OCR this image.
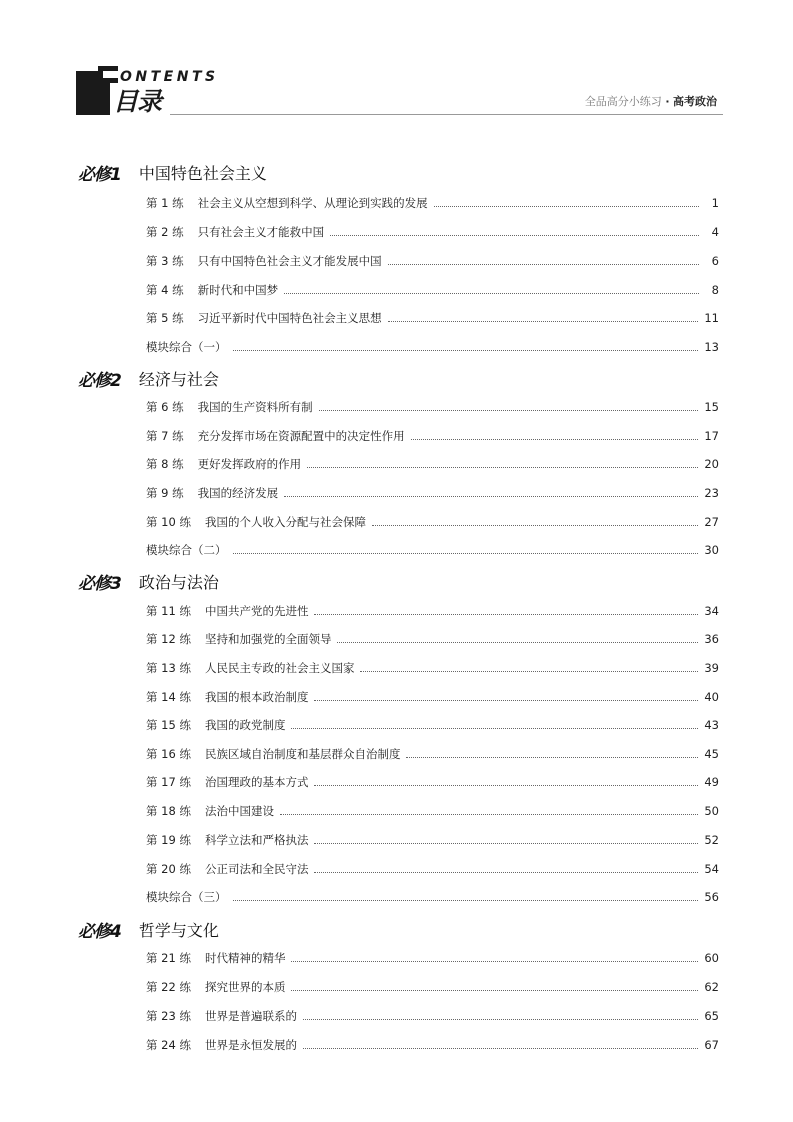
ONTENTS
目录	全品高分小练习 · 高考政治
必修1 中国特色社会主义
第 1 练 社会主义从空想到科学、从理论到实践的发展	1
第 2 练 只有社会主义才能救中国	4
第 3 练 只有中国特色社会主义才能发展中国	6
第 4 练 新时代和中国梦	8
第 5 练 习近平新时代中国特色社会主义思想	11
模块综合（一）	13
必修2 经济与社会
第 6 练 我国的生产资料所有制	15
第 7 练 充分发挥市场在资源配置中的决定性作用	17
第 8 练 更好发挥政府的作用	20
第 9 练 我国的经济发展	23
第 10 练 我国的个人收入分配与社会保障	27
模块综合（二）	30
必修3 政治与法治
第 11 练 中国共产党的先进性	34
第 12 练 坚持和加强党的全面领导	36
第 13 练 人民民主专政的社会主义国家	39
第 14 练 我国的根本政治制度	40
第 15 练 我国的政党制度	43
第 16 练 民族区域自治制度和基层群众自治制度	45
第 17 练 治国理政的基本方式	49
第 18 练 法治中国建设	50
第 19 练 科学立法和严格执法	52
第 20 练 公正司法和全民守法	54
模块综合（三）	56
必修4 哲学与文化
第 21 练 时代精神的精华	60
第 22 练 探究世界的本质	62
第 23 练 世界是普遍联系的	65
第 24 练 世界是永恒发展的	67
